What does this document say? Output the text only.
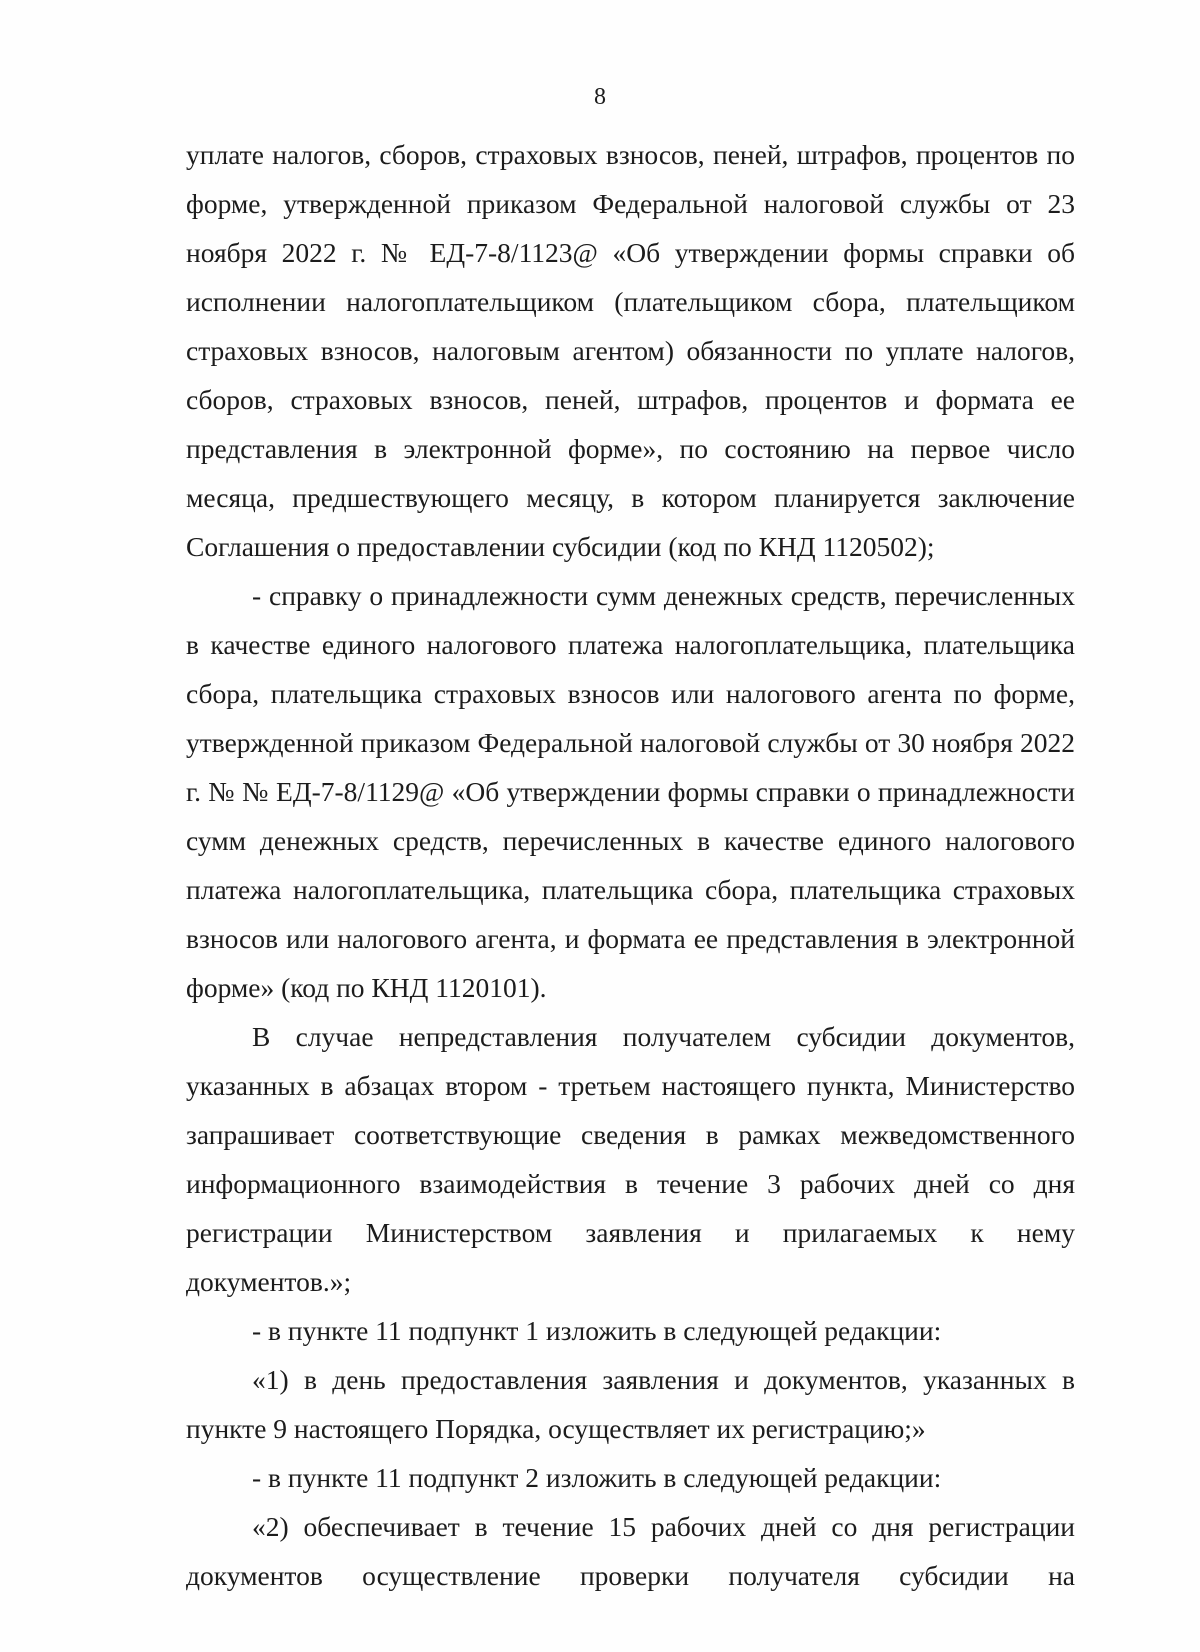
8

уплате налогов, сборов, страховых взносов, пеней, штрафов, процентов по форме, утвержденной приказом Федеральной налоговой службы от 23 ноября 2022 г. № ЕД-7-8/1123@ «Об утверждении формы справки об исполнении налогоплательщиком (плательщиком сбора, плательщиком страховых взносов, налоговым агентом) обязанности по уплате налогов, сборов, страховых взносов, пеней, штрафов, процентов и формата ее представления в электронной форме», по состоянию на первое число месяца, предшествующего месяцу, в котором планируется заключение Соглашения о предоставлении субсидии (код по КНД 1120502);

- справку о принадлежности сумм денежных средств, перечисленных в качестве единого налогового платежа налогоплательщика, плательщика сбора, плательщика страховых взносов или налогового агента по форме, утвержденной приказом Федеральной налоговой службы от 30 ноября 2022 г. № № ЕД-7-8/1129@ «Об утверждении формы справки о принадлежности сумм денежных средств, перечисленных в качестве единого налогового платежа налогоплательщика, плательщика сбора, плательщика страховых взносов или налогового агента, и формата ее представления в электронной форме» (код по КНД 1120101).

В случае непредставления получателем субсидии документов, указанных в абзацах втором - третьем настоящего пункта, Министерство запрашивает соответствующие сведения в рамках межведомственного информационного взаимодействия в течение 3 рабочих дней со дня регистрации Министерством заявления и прилагаемых к нему документов.»;

- в пункте 11 подпункт 1 изложить в следующей редакции:

«1) в день предоставления заявления и документов, указанных в пункте 9 настоящего Порядка, осуществляет их регистрацию;»

- в пункте 11 подпункт 2 изложить в следующей редакции:

«2) обеспечивает в течение 15 рабочих дней со дня регистрации документов осуществление проверки получателя субсидии на
